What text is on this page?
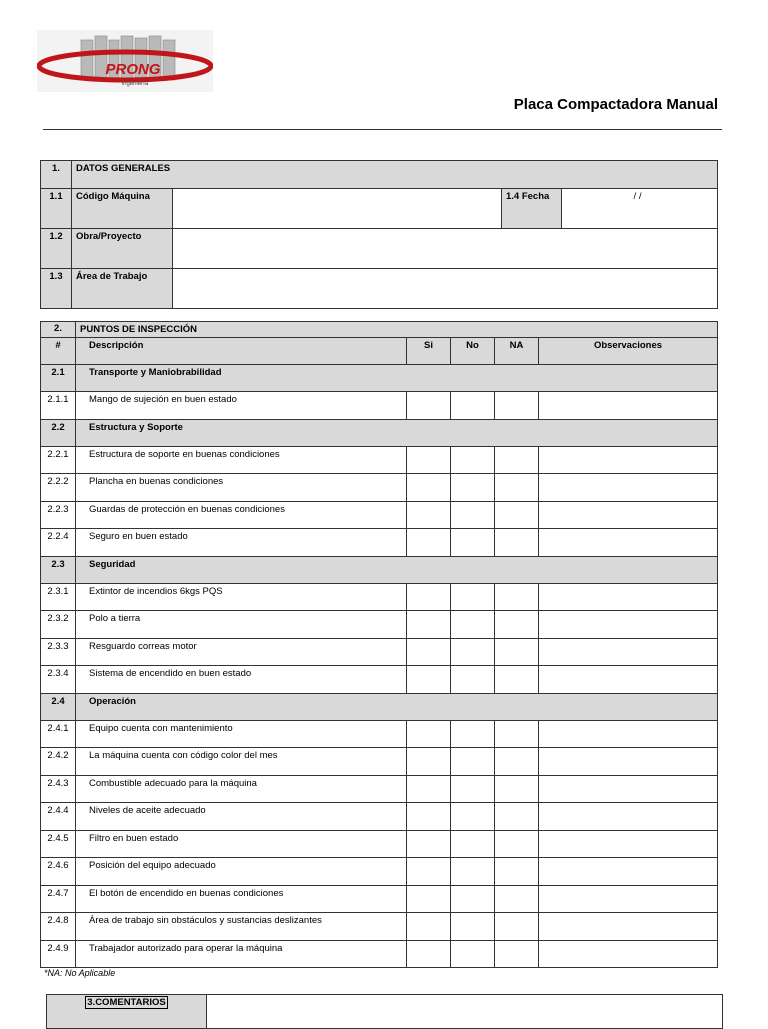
PRONG
ingeniería
Placa Compactadora Manual
1.	DATOS GENERALES			
1.1	Código Máquina		1.4 Fecha	/ /
1.2	Obra/Proyecto			
1.3	Área de Trabajo			
2.	PUNTOS DE INSPECCIÓN				
#	Descripción	Si	No	NA	Observaciones
2.1	Transporte y Maniobrabilidad				
2.1.1	Mango de sujeción en buen estado				
2.2	Estructura y Soporte				
2.2.1	Estructura de soporte en buenas condiciones				
2.2.2	Plancha en buenas condiciones				
2.2.3	Guardas de protección en buenas condiciones				
2.2.4	Seguro en buen estado				
2.3	Seguridad				
2.3.1	Extintor de incendios 6kgs PQS				
2.3.2	Polo a tierra				
2.3.3	Resguardo correas motor				
2.3.4	Sistema de encendido en buen estado				
2.4	Operación				
2.4.1	Equipo cuenta con mantenimiento				
2.4.2	La máquina cuenta con código color del mes				
2.4.3	Combustible adecuado para la máquina				
2.4.4	Niveles de aceite adecuado				
2.4.5	Filtro en buen estado				
2.4.6	Posición del equipo adecuado				
2.4.7	El botón de encendido en buenas condiciones				
2.4.8	Área de trabajo sin obstáculos y sustancias deslizantes				
2.4.9	Trabajador autorizado para operar la máquina				
*NA: No Aplicable
3.COMENTARIOS	
